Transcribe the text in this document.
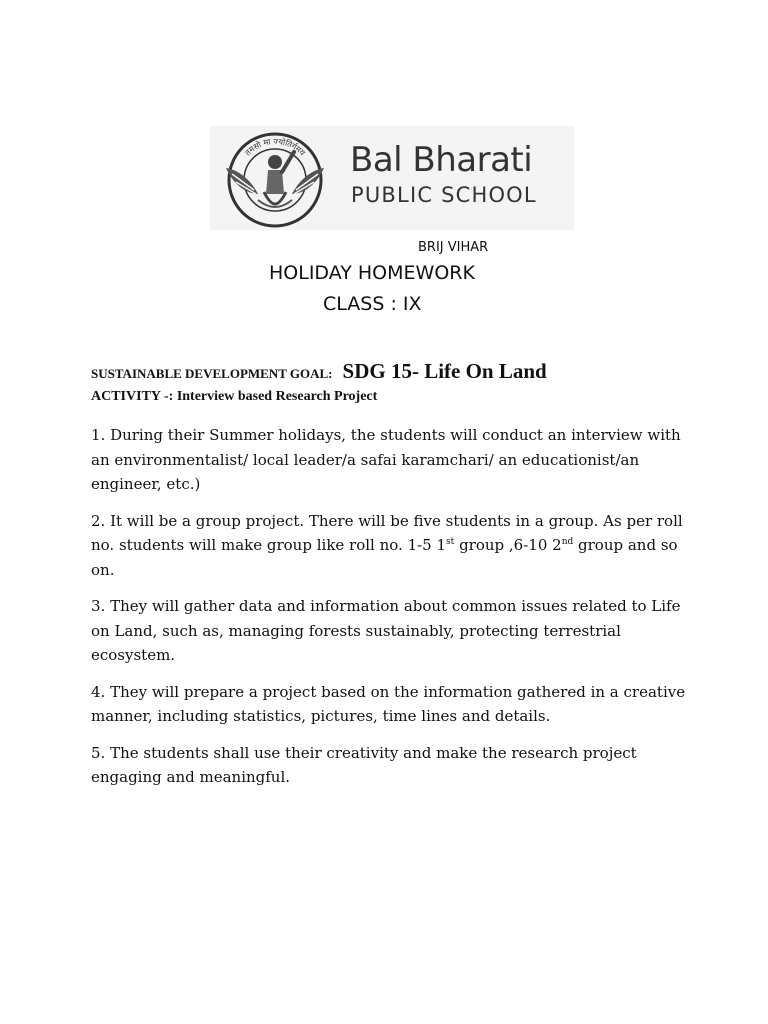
तमसो मा ज्योतिर्गमय Bal Bharati
PUBLIC SCHOOL
BRIJ VIHAR
HOLIDAY HOMEWORK
CLASS : IX
SUSTAINABLE DEVELOPMENT GOAL: SDG 15- Life On Land
ACTIVITY -: Interview based Research Project

1. During their Summer holidays, the students will conduct an interview with an environmentalist/ local leader/a safai karamchari/ an educationist/an engineer, etc.)

2. It will be a group project. There will be five students in a group. As per roll no. students will make group like roll no. 1-5 1st group ,6-10 2nd group and so on.

3. They will gather data and information about common issues related to Life on Land, such as, managing forests sustainably, protecting terrestrial ecosystem.

4. They will prepare a project based on the information gathered in a creative manner, including statistics, pictures, time lines and details.

5. The students shall use their creativity and make the research project engaging and meaningful.
